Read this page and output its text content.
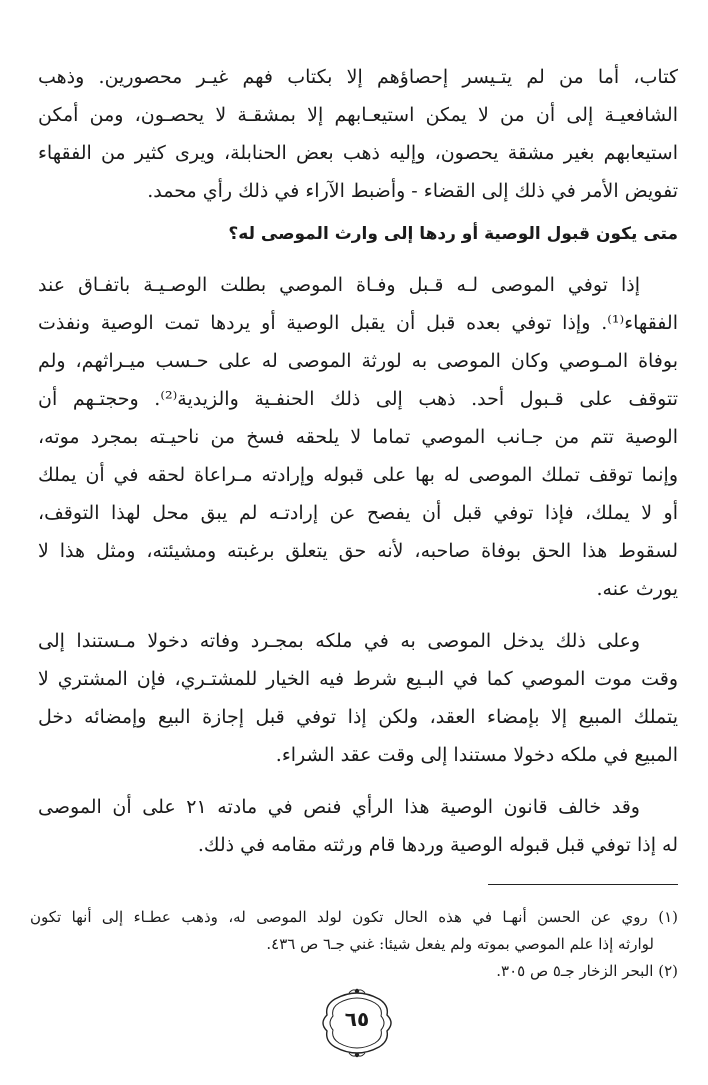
كتاب، أما من لم يتـيسر إحصاؤهم إلا بكتاب فهم غيـر محصورين. وذهب
الشافعيـة إلى أن من لا يمكن استيعـابهم إلا بمشقـة لا يحصـون، ومن أمكن
استيعابهم بغير مشقة يحصون، وإليه ذهب بعض الحنابلة، ويرى كثير من الفقهاء
تفويض الأمر في ذلك إلى القضاء - وأضبط الآراء في ذلك رأي محمد.
متى يكون قبول الوصية أو ردها إلى وارث الموصى له؟
إذا توفي الموصى لـه قـبل وفـاة الموصي بطلت الوصـيـة باتفـاق عند
الفقهاء⁽¹⁾. وإذا توفي بعده قبل أن يقبل الوصية أو يردها تمت الوصية ونفذت
بوفاة المـوصي وكان الموصى به لورثة الموصى له على حـسب ميـراثهم، ولم
تتوقف على قـبول أحد. ذهب إلى ذلك الحنفـية والزيدية⁽²⁾. وحجتـهم أن
الوصية تتم من جـانب الموصي تماما لا يلحقه فسخ من ناحيـته بمجرد موته،
وإنما توقف تملك الموصى له بها على قبوله وإرادته مـراعاة لحقه في أن يملك
أو لا يملك، فإذا توفي قبل أن يفصح عن إرادتـه لم يبق محل لهذا التوقف،
لسقوط هذا الحق بوفاة صاحبه، لأنه حق يتعلق برغبته ومشيئته، ومثل هذا لا
يورث عنه.
وعلى ذلك يدخل الموصى به في ملكه بمجـرد وفاته دخولا مـستندا إلى
وقت موت الموصي كما في البـيع شرط فيه الخيار للمشتـري، فإن المشتري لا
يتملك المبيع إلا بإمضاء العقد، ولكن إذا توفي قبل إجازة البيع وإمضائه دخل
المبيع في ملكه دخولا مستندا إلى وقت عقد الشراء.
وقد خالف قانون الوصية هذا الرأي فنص في مادته ٢١ على أن الموصى
له إذا توفي قبل قبوله الوصية وردها قام ورثته مقامه في ذلك.
(١) روي عن الحسن أنهـا في هذه الحال تكون لولد الموصى له، وذهب عطـاء إلى أنها تكون
لوارثه إذا علم الموصي بموته ولم يفعل شيئا: غني جـ٦ ص ٤٣٦.
(٢) البحر الزخار جـ٥ ص ٣٠٥.
٦٥
